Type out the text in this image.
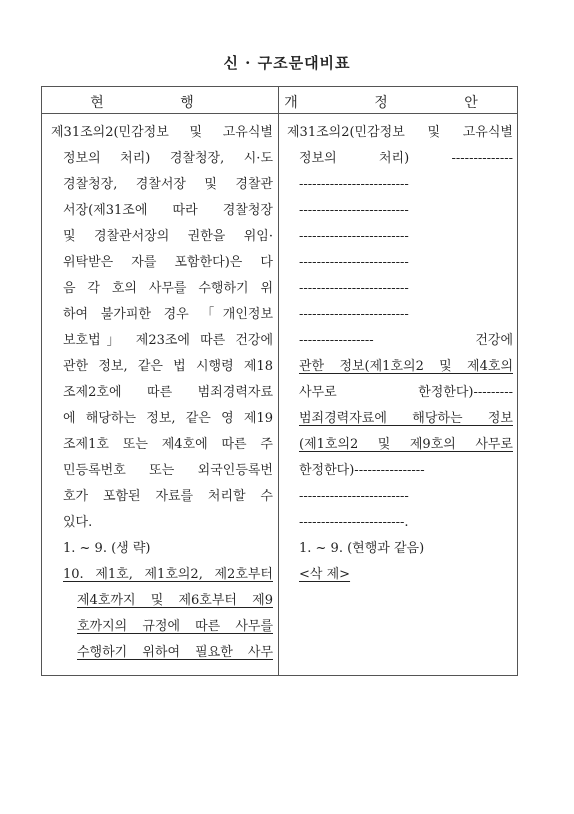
신 · 구조문대비표
현 행	개 정 안
제31조의2(민감정보 및 고유식별
정보의 처리) 경찰청장, 시·도
경찰청장, 경찰서장 및 경찰관
서장(제31조에 따라 경찰청장
및 경찰관서장의 권한을 위임·
위탁받은 자를 포함한다)은 다
음 각 호의 사무를 수행하기 위
하여 불가피한 경우 「개인정보
보호법」 제23조에 따른 건강에
관한 정보, 같은 법 시행령 제18
조제2호에 따른 범죄경력자료
에 해당하는 정보, 같은 영 제19
조제1호 또는 제4호에 따른 주
민등록번호 또는 외국인등록번
호가 포함된 자료를 처리할 수
있다.
1. ~ 9. (생 략)
10. 제1호, 제1호의2, 제2호부터
제4호까지 및 제6호부터 제9
호까지의 규정에 따른 사무를
수행하기 위하여 필요한 사무
제31조의2(민감정보 및 고유식별
정보의 처리) --------------
-------------------------
-------------------------
-------------------------
-------------------------
-------------------------
-------------------------
----------------- 건강에
관한 정보(제1호의2 및 제4호의
사무로 한정한다)---------
범죄경력자료에 해당하는 정보
(제1호의2 및 제9호의 사무로
한정한다)----------------
-------------------------
------------------------.
1. ~ 9. (현행과 같음)
<삭 제>
